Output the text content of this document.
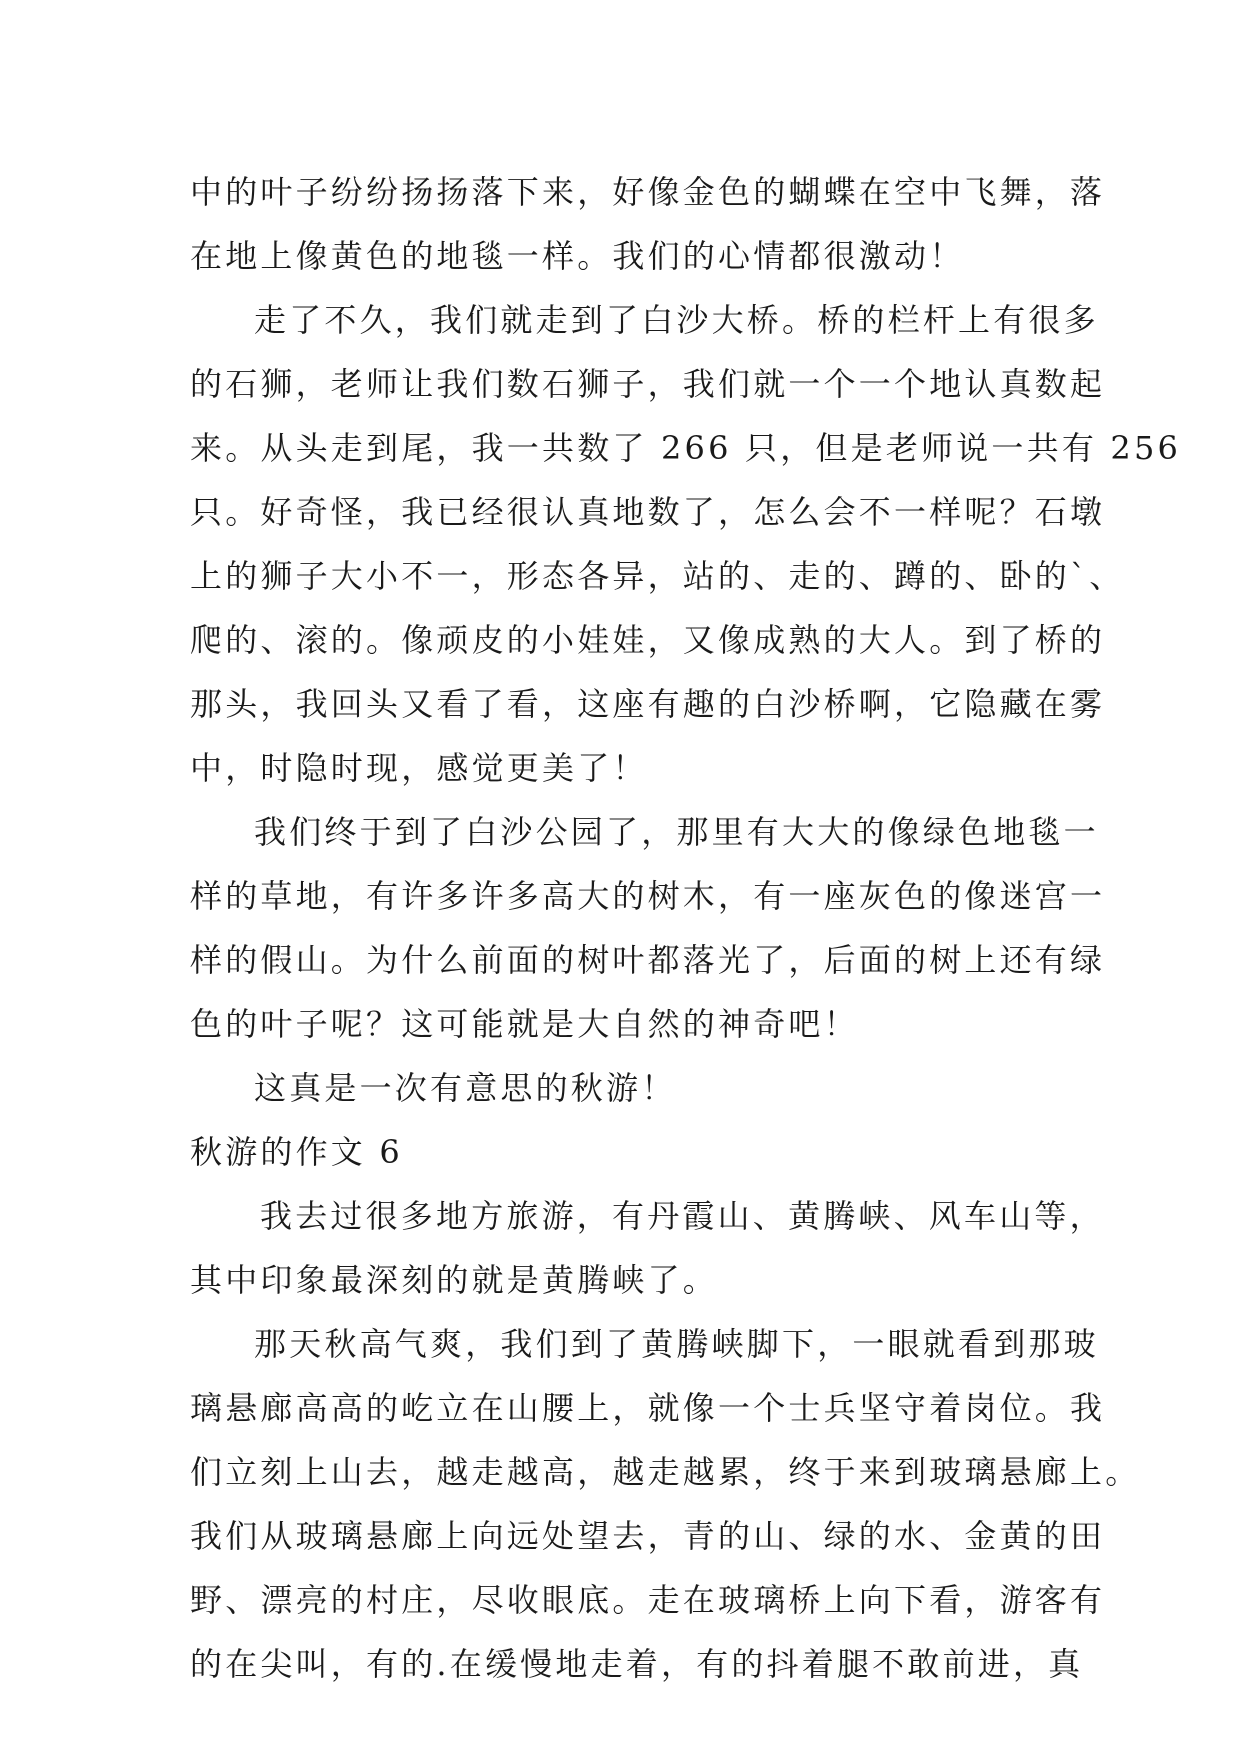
中的叶子纷纷扬扬落下来，好像金色的蝴蝶在空中飞舞，落
在地上像黄色的地毯一样。我们的心情都很激动！
走了不久，我们就走到了白沙大桥。桥的栏杆上有很多
的石狮，老师让我们数石狮子，我们就一个一个地认真数起
来。从头走到尾，我一共数了 266 只，但是老师说一共有 256
只。好奇怪，我已经很认真地数了，怎么会不一样呢？石墩
上的狮子大小不一，形态各异，站的、走的、蹲的、卧的`、
爬的、滚的。像顽皮的小娃娃，又像成熟的大人。到了桥的
那头，我回头又看了看，这座有趣的白沙桥啊，它隐藏在雾
中，时隐时现，感觉更美了！
我们终于到了白沙公园了，那里有大大的像绿色地毯一
样的草地，有许多许多高大的树木，有一座灰色的像迷宫一
样的假山。为什么前面的树叶都落光了，后面的树上还有绿
色的叶子呢？这可能就是大自然的神奇吧！
这真是一次有意思的秋游！
秋游的作文 6
我去过很多地方旅游，有丹霞山、黄腾峡、风车山等，
其中印象最深刻的就是黄腾峡了。
那天秋高气爽，我们到了黄腾峡脚下，一眼就看到那玻
璃悬廊高高的屹立在山腰上，就像一个士兵坚守着岗位。我
们立刻上山去，越走越高，越走越累，终于来到玻璃悬廊上。
我们从玻璃悬廊上向远处望去，青的山、绿的水、金黄的田
野、漂亮的村庄，尽收眼底。走在玻璃桥上向下看，游客有
的在尖叫，有的.在缓慢地走着，有的抖着腿不敢前进，真
